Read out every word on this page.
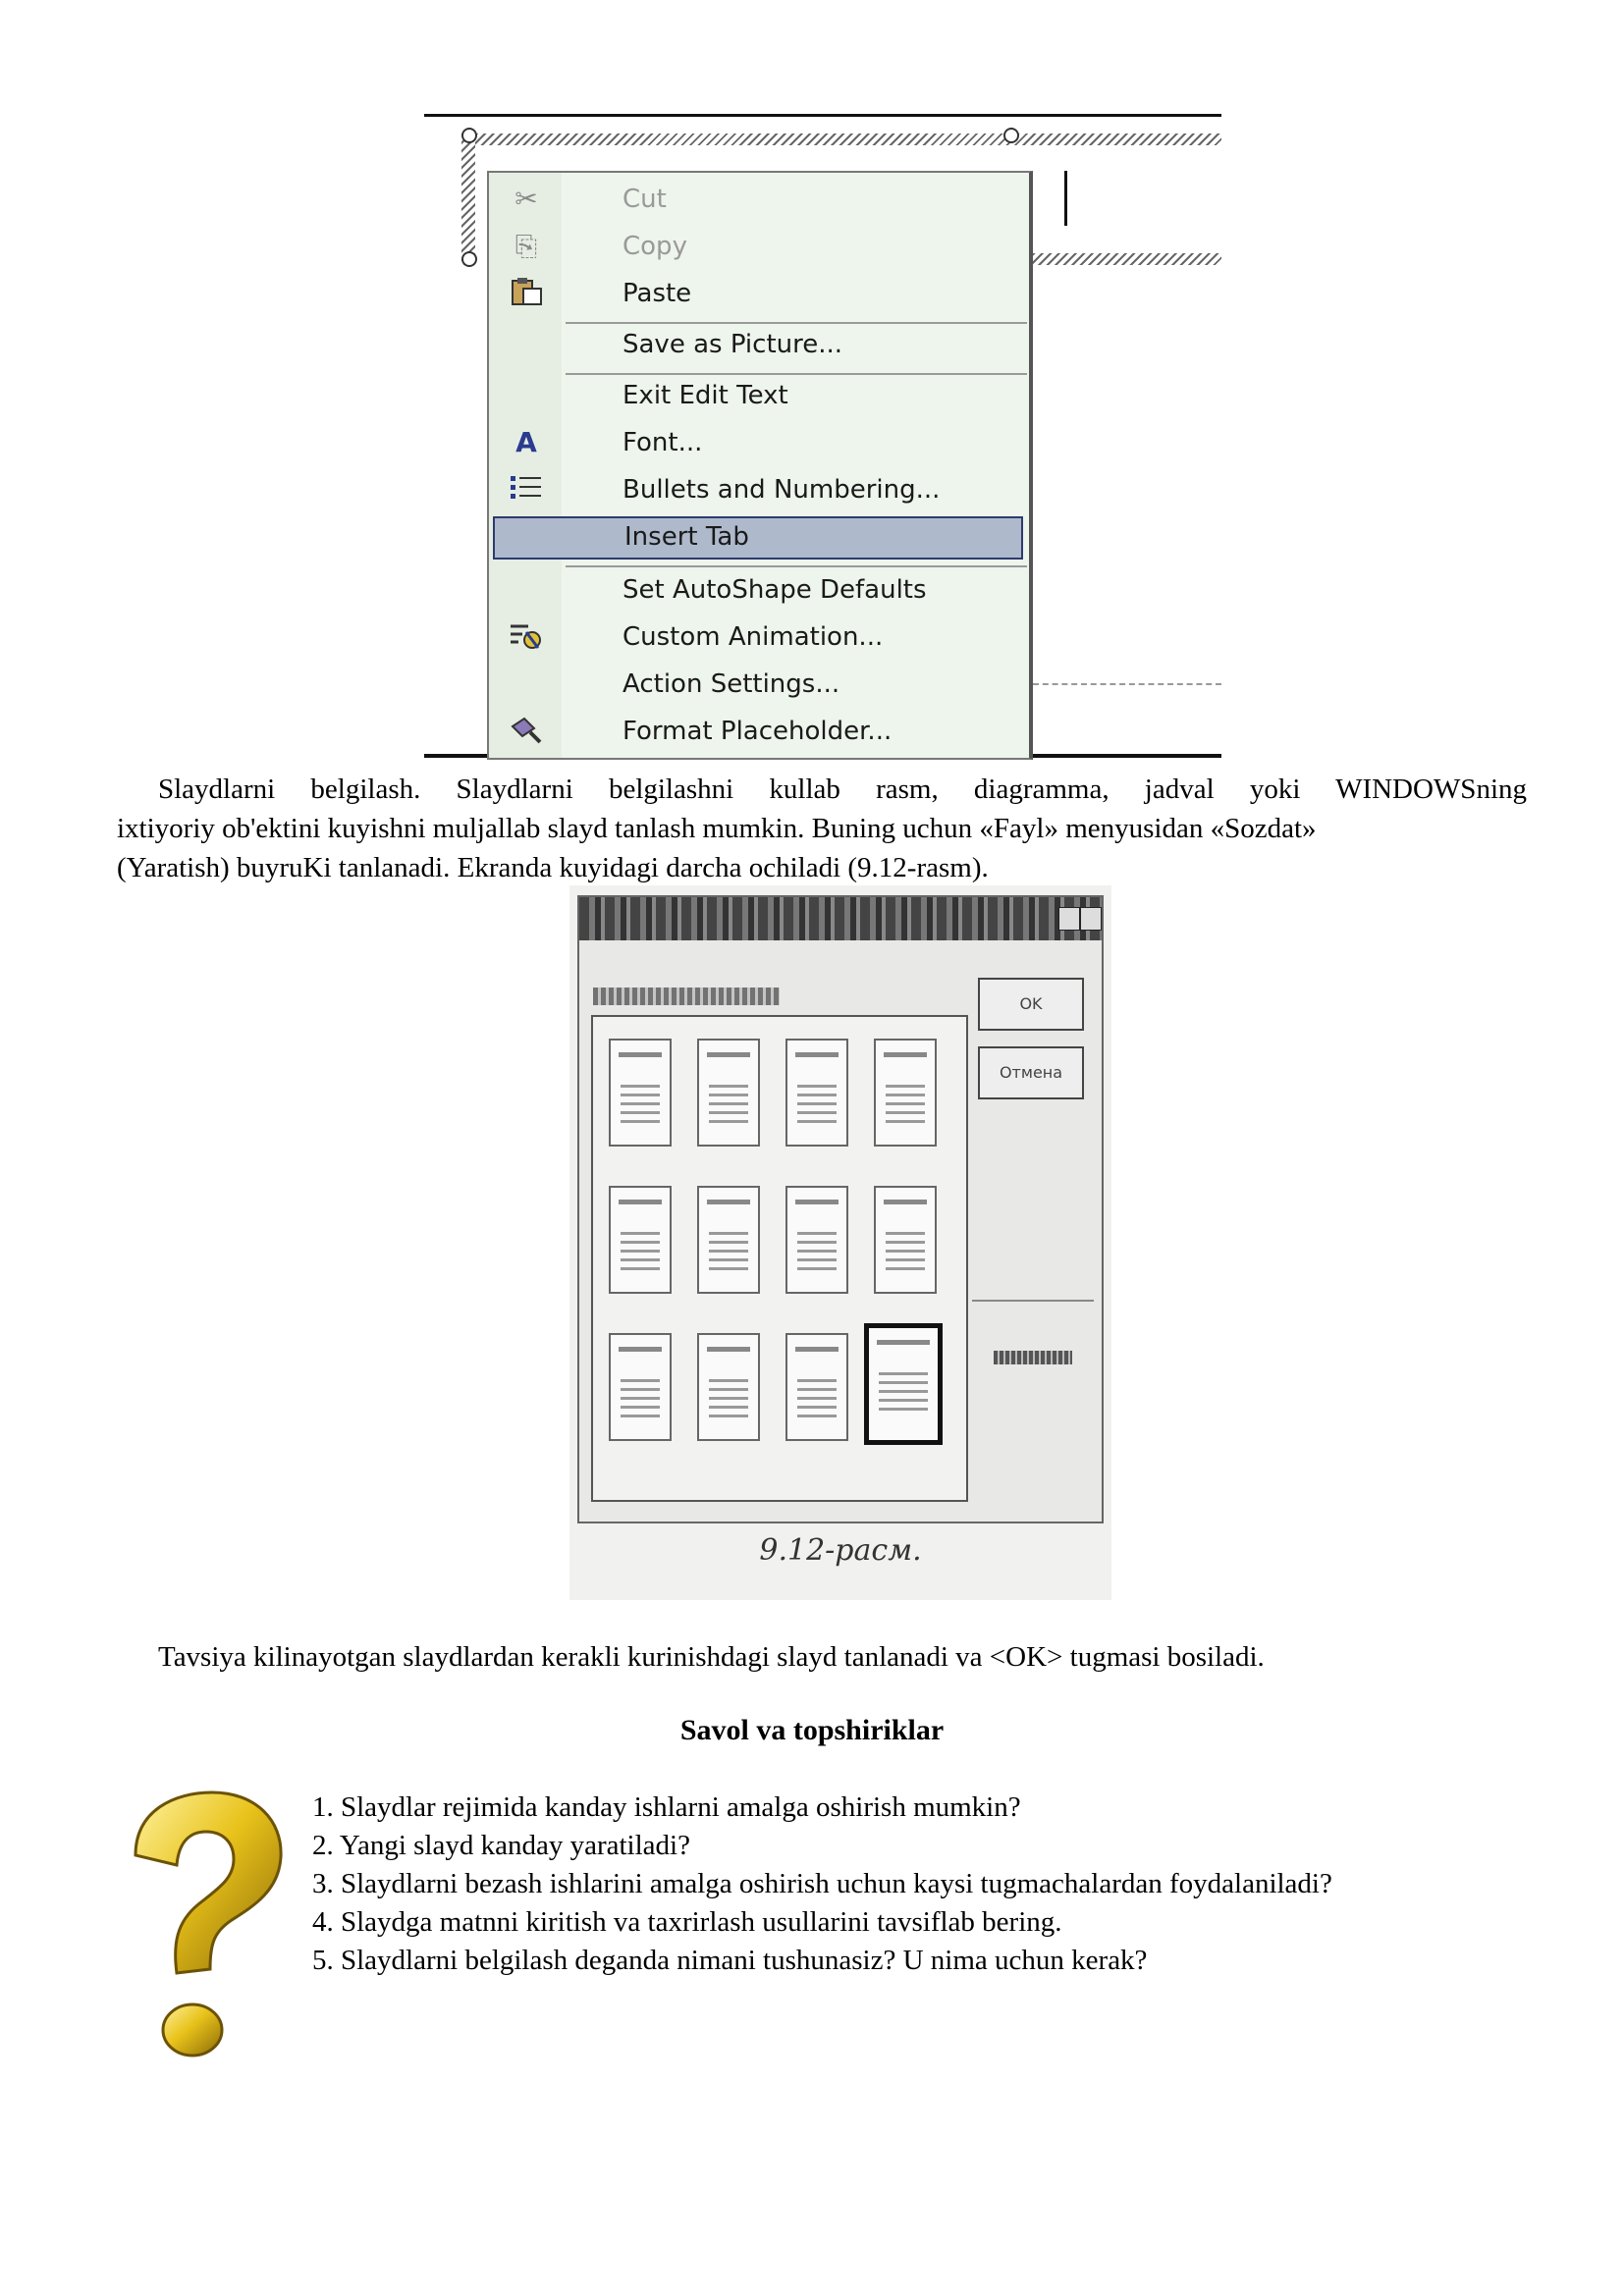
✂	Cut
⎘	Copy
Paste
Save as Picture...
Exit Edit Text
A	Font...
Bullets and Numbering...
Insert Tab
Set AutoShape Defaults
Custom Animation...
Action Settings...
Format Placeholder...
Slaydlarni belgilash. Slaydlarni belgilashni kullab rasm, diagramma, jadval yoki WINDOWSning
ixtiyoriy ob'ektini kuyishni muljallab slayd tanlash mumkin. Buning uchun «Fayl» menyusidan «Sozdat»
(Yaratish) buyruKi tanlanadi. Ekranda kuyidagi darcha ochiladi (9.12-rasm).
OK
Отмена
9.12-расм.
Tavsiya kilinayotgan slaydlardan kerakli kurinishdagi slayd tanlanadi va <OK> tugmasi bosiladi.
Savol va topshiriklar
1. Slaydlar rejimida kanday ishlarni amalga oshirish mumkin?
2. Yangi slayd kanday yaratiladi?
3. Slaydlarni bezash ishlarini amalga oshirish uchun kaysi tugmachalardan foydalaniladi?
4. Slaydga matnni kiritish va taxrirlash usullarini tavsiflab bering.
5. Slaydlarni belgilash deganda nimani tushunasiz? U nima uchun kerak?
